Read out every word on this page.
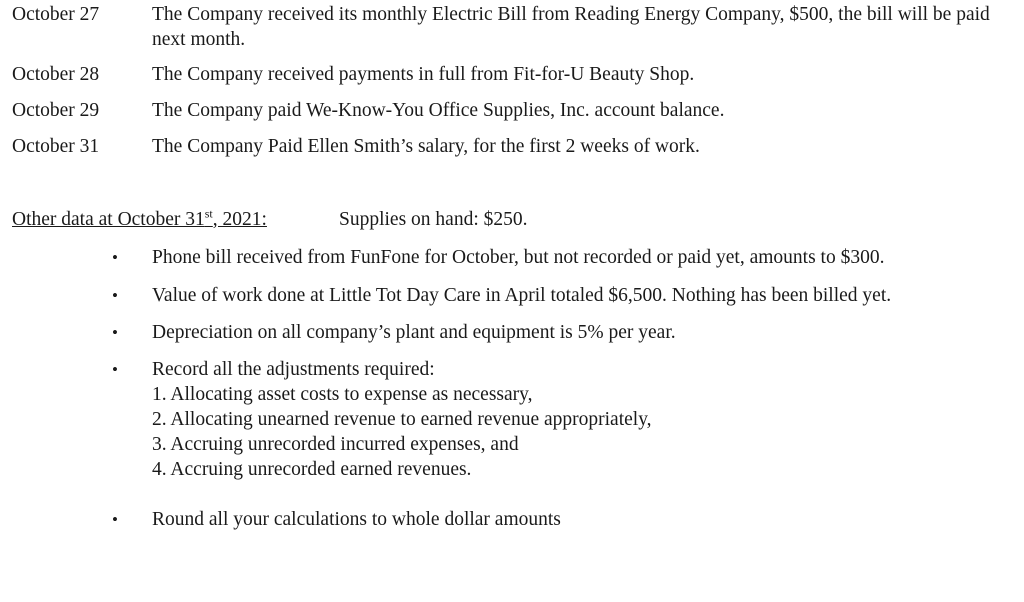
October 27	The Company received its monthly Electric Bill from Reading Energy Company, $500, the bill will be paid next month.
October 28	The Company received payments in full from Fit-for-U Beauty Shop.
October 29	The Company paid We-Know-You Office Supplies, Inc. account balance.
October 31	The Company Paid Ellen Smith’s salary, for the first 2 weeks of work.
Other data at October 31st, 2021:	Supplies on hand: $250.
•	Phone bill received from FunFone for October, but not recorded or paid yet, amounts to $300.
•	Value of work done at Little Tot Day Care in April totaled $6,500. Nothing has been billed yet.
•	Depreciation on all company’s plant and equipment is 5% per year.
•	Record all the adjustments required:
1. Allocating asset costs to expense as necessary,
2. Allocating unearned revenue to earned revenue appropriately,
3. Accruing unrecorded incurred expenses, and
4. Accruing unrecorded earned revenues.
•	Round all your calculations to whole dollar amounts
